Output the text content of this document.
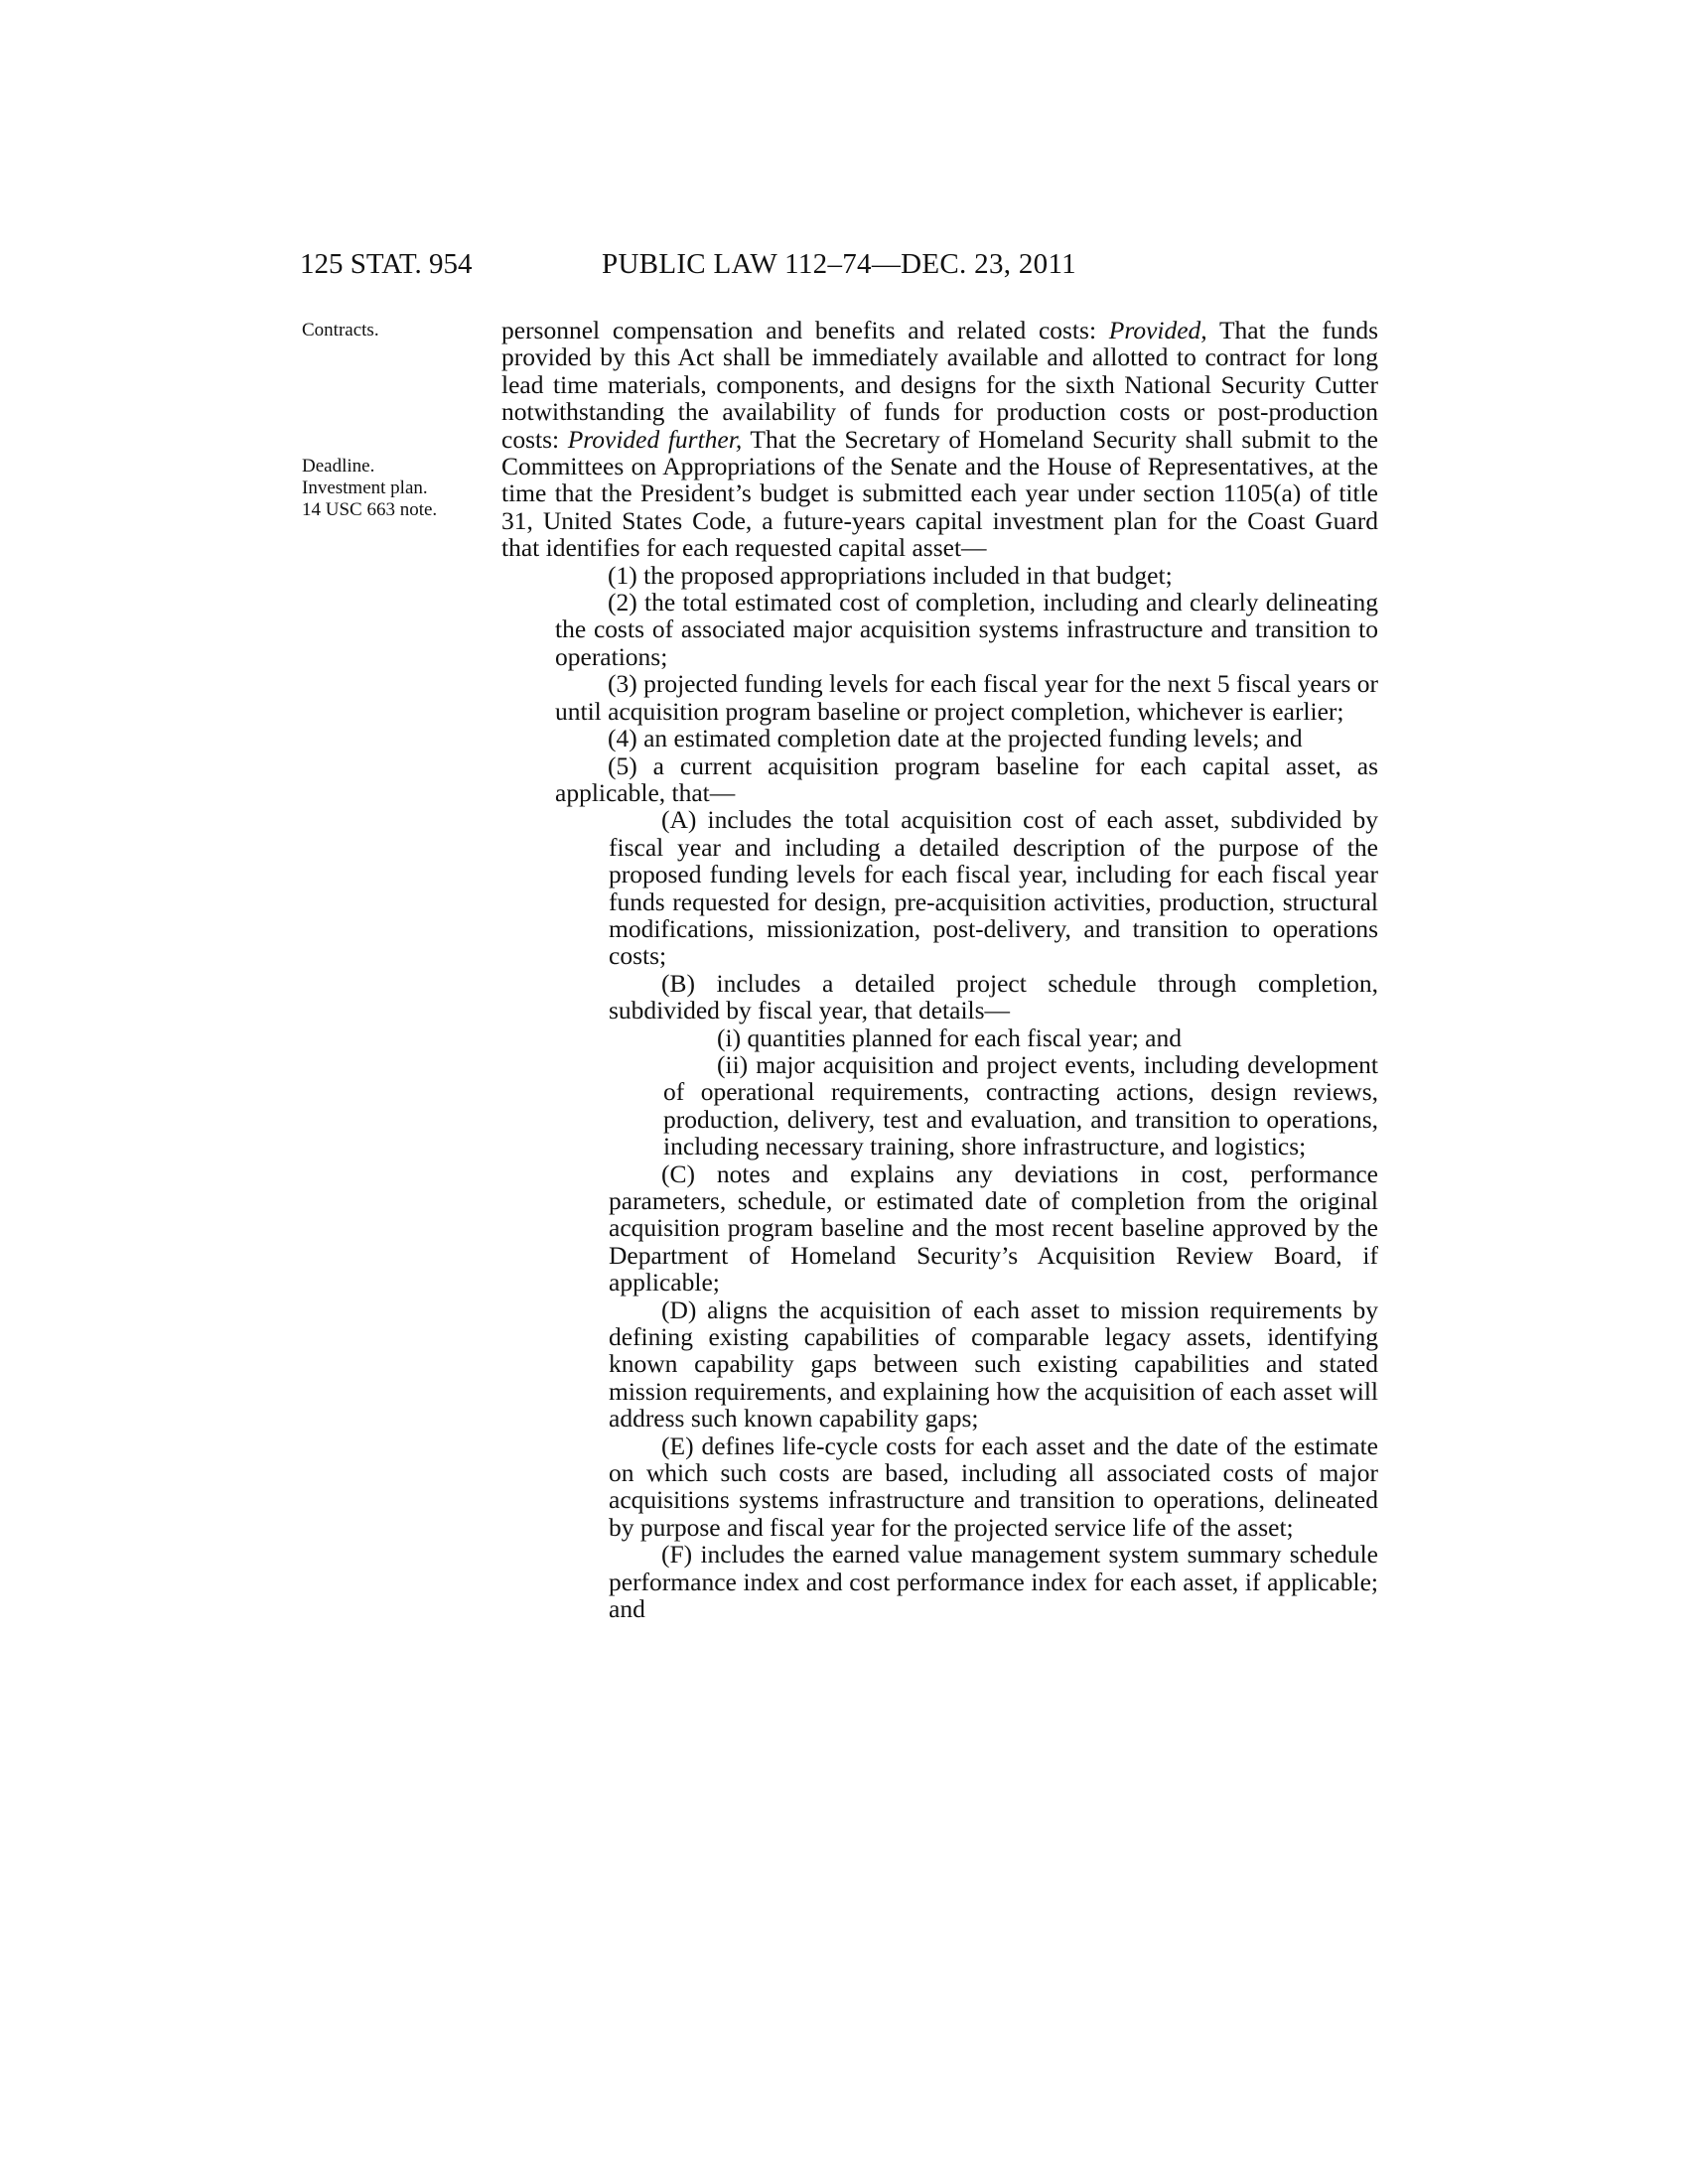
125 STAT. 954	PUBLIC LAW 112–74—DEC. 23, 2011
Contracts.
Deadline.
Investment plan.
14 USC 663 note.

personnel compensation and benefits and related costs: Provided, That the funds provided by this Act shall be immediately available and allotted to contract for long lead time materials, components, and designs for the sixth National Security Cutter notwithstanding the availability of funds for production costs or post-production costs: Provided further, That the Secretary of Homeland Security shall submit to the Committees on Appropriations of the Senate and the House of Representatives, at the time that the President’s budget is submitted each year under section 1105(a) of title 31, United States Code, a future-years capital investment plan for the Coast Guard that identifies for each requested capital asset—

(1) the proposed appropriations included in that budget;

(2) the total estimated cost of completion, including and clearly delineating the costs of associated major acquisition systems infrastructure and transition to operations;

(3) projected funding levels for each fiscal year for the next 5 fiscal years or until acquisition program baseline or project completion, whichever is earlier;

(4) an estimated completion date at the projected funding levels; and

(5) a current acquisition program baseline for each capital asset, as applicable, that—

(A) includes the total acquisition cost of each asset, subdivided by fiscal year and including a detailed description of the purpose of the proposed funding levels for each fiscal year, including for each fiscal year funds requested for design, pre-acquisition activities, production, structural modifications, missionization, post-delivery, and transition to operations costs;

(B) includes a detailed project schedule through completion, subdivided by fiscal year, that details—

(i) quantities planned for each fiscal year; and

(ii) major acquisition and project events, including development of operational requirements, contracting actions, design reviews, production, delivery, test and evaluation, and transition to operations, including necessary training, shore infrastructure, and logistics;

(C) notes and explains any deviations in cost, performance parameters, schedule, or estimated date of completion from the original acquisition program baseline and the most recent baseline approved by the Department of Homeland Security’s Acquisition Review Board, if applicable;

(D) aligns the acquisition of each asset to mission requirements by defining existing capabilities of comparable legacy assets, identifying known capability gaps between such existing capabilities and stated mission requirements, and explaining how the acquisition of each asset will address such known capability gaps;

(E) defines life-cycle costs for each asset and the date of the estimate on which such costs are based, including all associated costs of major acquisitions systems infrastructure and transition to operations, delineated by purpose and fiscal year for the projected service life of the asset;

(F) includes the earned value management system summary schedule performance index and cost performance index for each asset, if applicable; and
